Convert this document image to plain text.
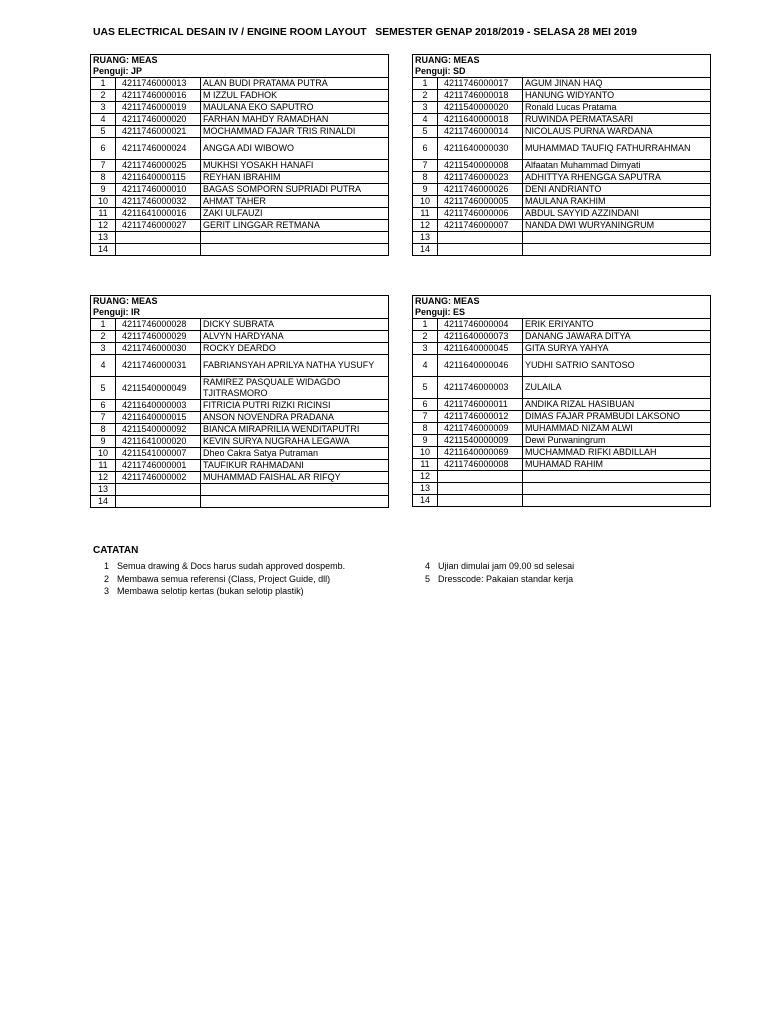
UAS ELECTRICAL DESAIN IV / ENGINE ROOM LAYOUT   SEMESTER GENAP 2018/2019 - SELASA 28 MEI 2019
RUANG: MEAS		
Penguji: JP		
1	4211746000013	ALAN BUDI PRATAMA PUTRA
2	4211746000016	M IZZUL FADHOK
3	4211746000019	MAULANA EKO SAPUTRO
4	4211746000020	FARHAN MAHDY RAMADHAN
5	4211746000021	MOCHAMMAD FAJAR TRIS RINALDI
6	4211746000024	ANGGA ADI WIBOWO
7	4211746000025	MUKHSI YOSAKH HANAFI
8	4211640000115	REYHAN IBRAHIM
9	4211746000010	BAGAS SOMPORN SUPRIADI PUTRA
10	4211746000032	AHMAT TAHER
11	4211641000016	ZAKI ULFAUZI
12	4211746000027	GERIT LINGGAR RETMANA
13		
14		
RUANG: MEAS		
Penguji: SD		
1	4211746000017	AGUM JINAN HAQ
2	4211746000018	HANUNG WIDYANTO
3	4211540000020	Ronald Lucas Pratama
4	4211640000018	RUWINDA PERMATASARI
5	4211746000014	NICOLAUS PURNA WARDANA
6	4211640000030	MUHAMMAD TAUFIQ FATHURRAHMAN
7	4211540000008	Alfaatan Muhammad Dimyati
8	4211746000023	ADHITTYA RHENGGA SAPUTRA
9	4211746000026	DENI ANDRIANTO
10	4211746000005	MAULANA RAKHIM
11	4211746000006	ABDUL SAYYID AZZINDANI
12	4211746000007	NANDA DWI WURYANINGRUM
13		
14		
RUANG: MEAS		
Penguji: IR		
1	4211746000028	DICKY SUBRATA
2	4211746000029	ALVYN HARDYANA
3	4211746000030	ROCKY DEARDO
4	4211746000031	FABRIANSYAH APRILYA NATHA YUSUFY
5	4211540000049	RAMIREZ PASQUALE WIDAGDO TJITRASMORO
6	4211640000003	FITRICIA PUTRI RIZKI RICINSI
7	4211640000015	ANSON NOVENDRA PRADANA
8	4211540000092	BIANCA MIRAPRILIA WENDITAPUTRI
9	4211641000020	KEVIN SURYA NUGRAHA LEGAWA
10	4211541000007	Dheo Cakra Satya Putraman
11	4211746000001	TAUFIKUR RAHMADANI
12	4211746000002	MUHAMMAD FAISHAL AR RIFQY
13		
14		
RUANG: MEAS		
Penguji: ES		
1	4211746000004	ERIK ERIYANTO
2	4211640000073	DANANG JAWARA DITYA
3	4211640000045	GITA SURYA YAHYA
4	4211640000046	YUDHI SATRIO SANTOSO
5	4211746000003	ZULAILA
6	4211746000011	ANDIKA RIZAL HASIBUAN
7	4211746000012	DIMAS FAJAR PRAMBUDI LAKSONO
8	4211746000009	MUHAMMAD NIZAM ALWI
9	4211540000009	Dewi Purwaningrum
10	4211640000069	MUCHAMMAD RIFKI ABDILLAH
11	4211746000008	MUHAMAD RAHIM
12		
13		
14		
CATATAN
1 Semua drawing & Docs harus sudah approved dospemb.
2 Membawa semua referensi (Class, Project Guide, dll)
3 Membawa selotip kertas (bukan selotip plastik)
4 Ujian dimulai jam 09.00 sd selesai
5 Dresscode: Pakaian standar kerja
